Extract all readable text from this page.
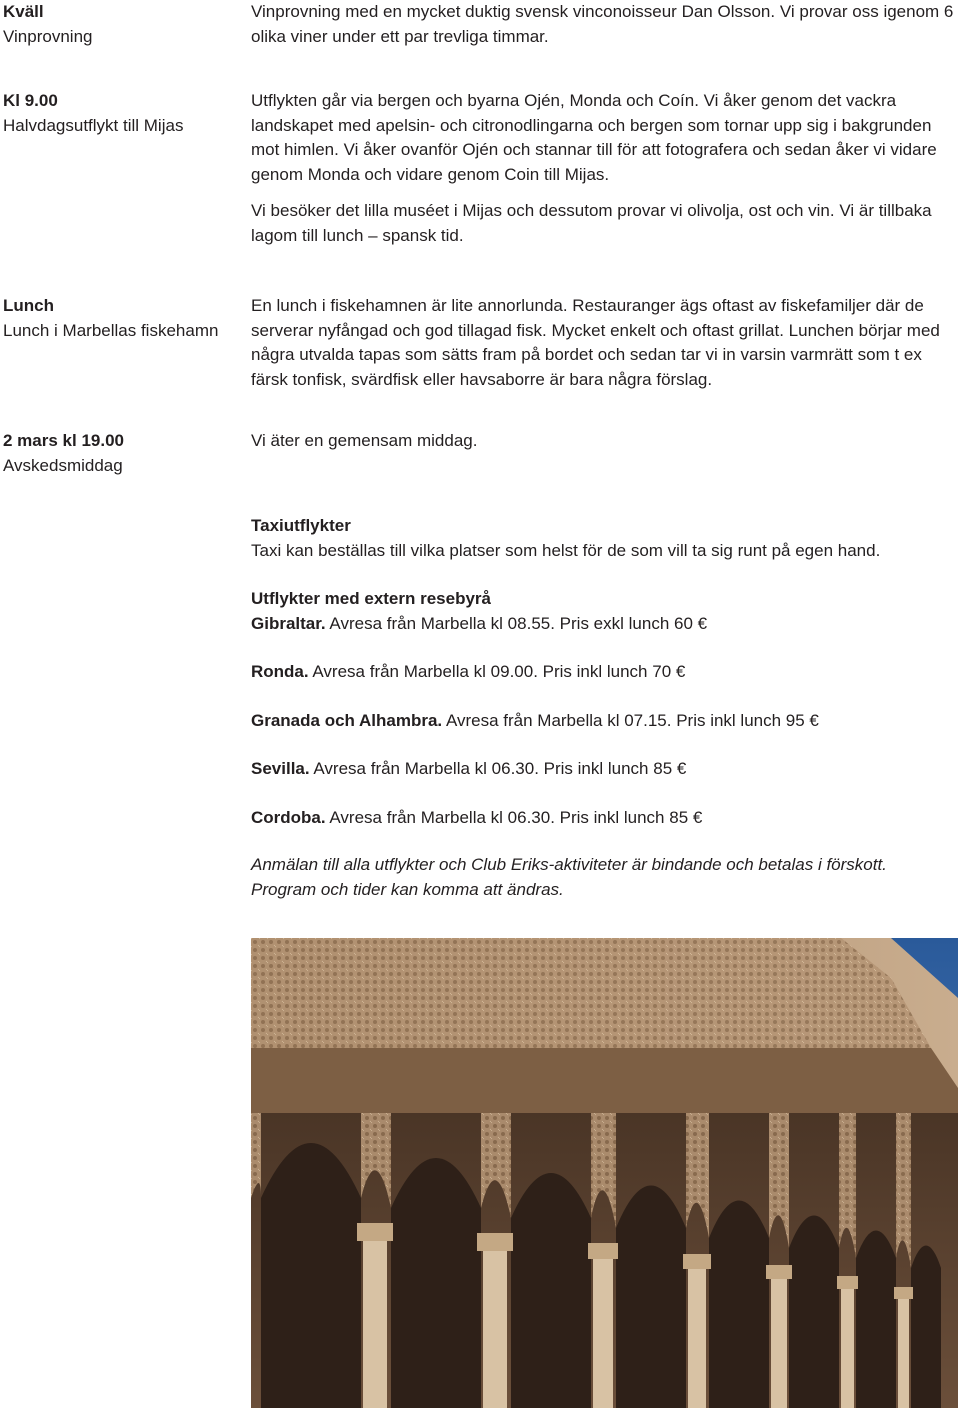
Kväll
Vinprovning

Vinprovning med en mycket duktig svensk vinconoisseur Dan Olsson. Vi provar oss igenom 6 olika viner under ett par trevliga timmar.

Kl 9.00
Halvdagsutflykt till Mijas

Utflykten går via bergen och byarna Ojén, Monda och Coín. Vi åker genom det vackra landskapet med apelsin- och citronodlingarna och bergen som tornar upp sig i bakgrunden mot himlen. Vi åker ovanför Ojén och stannar till för att fotografera och sedan åker vi vidare genom Monda och vidare genom Coin till Mijas.

Vi besöker det lilla muséet i Mijas och dessutom provar vi olivolja, ost och vin. Vi är tillbaka lagom till lunch – spansk tid.

Lunch
Lunch i Marbellas fiskehamn

En lunch i fiskehamnen är lite annorlunda. Restauranger ägs oftast av fiskefamiljer där de serverar nyfångad och god tillagad fisk. Mycket enkelt och oftast grillat. Lunchen börjar med några utvalda tapas som sätts fram på bordet och sedan tar vi in varsin varmrätt som t ex färsk tonfisk, svärdfisk eller havsaborre är bara några förslag.

2 mars kl 19.00
Avskedsmiddag

Vi äter en gemensam middag.

Taxiutflykter
Taxi kan beställas till vilka platser som helst för de som vill ta sig runt på egen hand.
Utflykter med extern resebyrå
Gibraltar. Avresa från Marbella kl 08.55. Pris exkl lunch 60 €
Ronda. Avresa från Marbella kl 09.00. Pris inkl lunch 70 €
Granada och Alhambra. Avresa från Marbella kl 07.15. Pris inkl lunch 95 €
Sevilla. Avresa från Marbella kl 06.30. Pris inkl lunch 85 €
Cordoba. Avresa från Marbella kl 06.30. Pris inkl lunch 85 €
Anmälan till alla utflykter och Club Eriks-aktiviteter är bindande och betalas i förskott.
Program och tider kan komma att ändras.
